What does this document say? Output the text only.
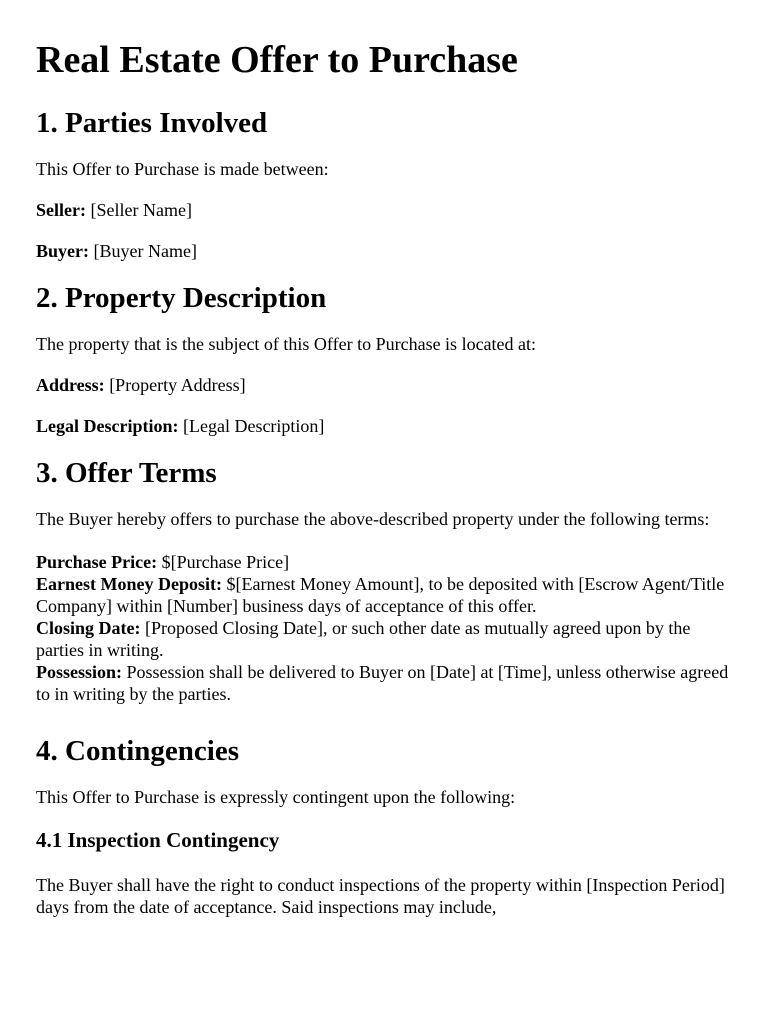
Real Estate Offer to Purchase
1. Parties Involved

This Offer to Purchase is made between:

Seller: [Seller Name]

Buyer: [Buyer Name]

2. Property Description

The property that is the subject of this Offer to Purchase is located at:

Address: [Property Address]

Legal Description: [Legal Description]

3. Offer Terms

The Buyer hereby offers to purchase the above-described property under the following terms:

Purchase Price: $[Purchase Price]

Earnest Money Deposit: $[Earnest Money Amount], to be deposited with [Escrow Agent/Title Company] within [Number] business days of acceptance of this offer.

Closing Date: [Proposed Closing Date], or such other date as mutually agreed upon by the parties in writing.

Possession: Possession shall be delivered to Buyer on [Date] at [Time], unless otherwise agreed to in writing by the parties.

4. Contingencies

This Offer to Purchase is expressly contingent upon the following:

4.1 Inspection Contingency

The Buyer shall have the right to conduct inspections of the property within [Inspection Period] days from the date of acceptance. Said inspections may include,
